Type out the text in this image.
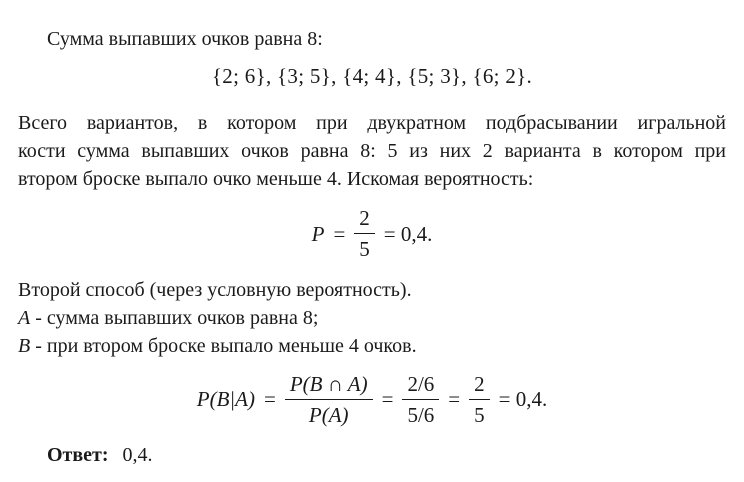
Сумма выпавших очков равна 8:
{2; 6}, {3; 5}, {4; 4}, {5; 3}, {6; 2}.
Всего вариантов, в котором при двукратном подбрасывании игральной
кости сумма выпавших очков равна 8: 5 из них 2 варианта в котором при
втором броске выпало очко меньше 4. Искомая вероятность:
$P = \frac{2}{5} = 0,4$.
Второй способ (через условную вероятность).
A - сумма выпавших очков равна 8;
B - при втором броске выпало меньше 4 очков.
$P(B|A) = \frac{P(B \cap A)}{P(A)} = \frac{2/6}{5/6} = \frac{2}{5} = 0,4$.
Ответ: 0,4.
